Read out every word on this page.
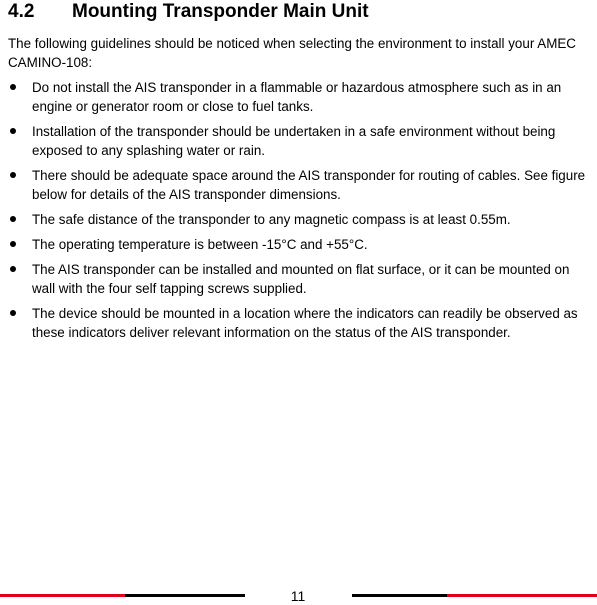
4.2 Mounting Transponder Main Unit
The following guidelines should be noticed when selecting the environment to install your AMEC CAMINO-108:
Do not install the AIS transponder in a flammable or hazardous atmosphere such as in an engine or generator room or close to fuel tanks.
Installation of the transponder should be undertaken in a safe environment without being exposed to any splashing water or rain.
There should be adequate space around the AIS transponder for routing of cables. See figure below for details of the AIS transponder dimensions.
The safe distance of the transponder to any magnetic compass is at least 0.55m.
The operating temperature is between -15°C and +55°C.
The AIS transponder can be installed and mounted on flat surface, or it can be mounted on wall with the four self tapping screws supplied.
The device should be mounted in a location where the indicators can readily be observed as these indicators deliver relevant information on the status of the AIS transponder.
11
